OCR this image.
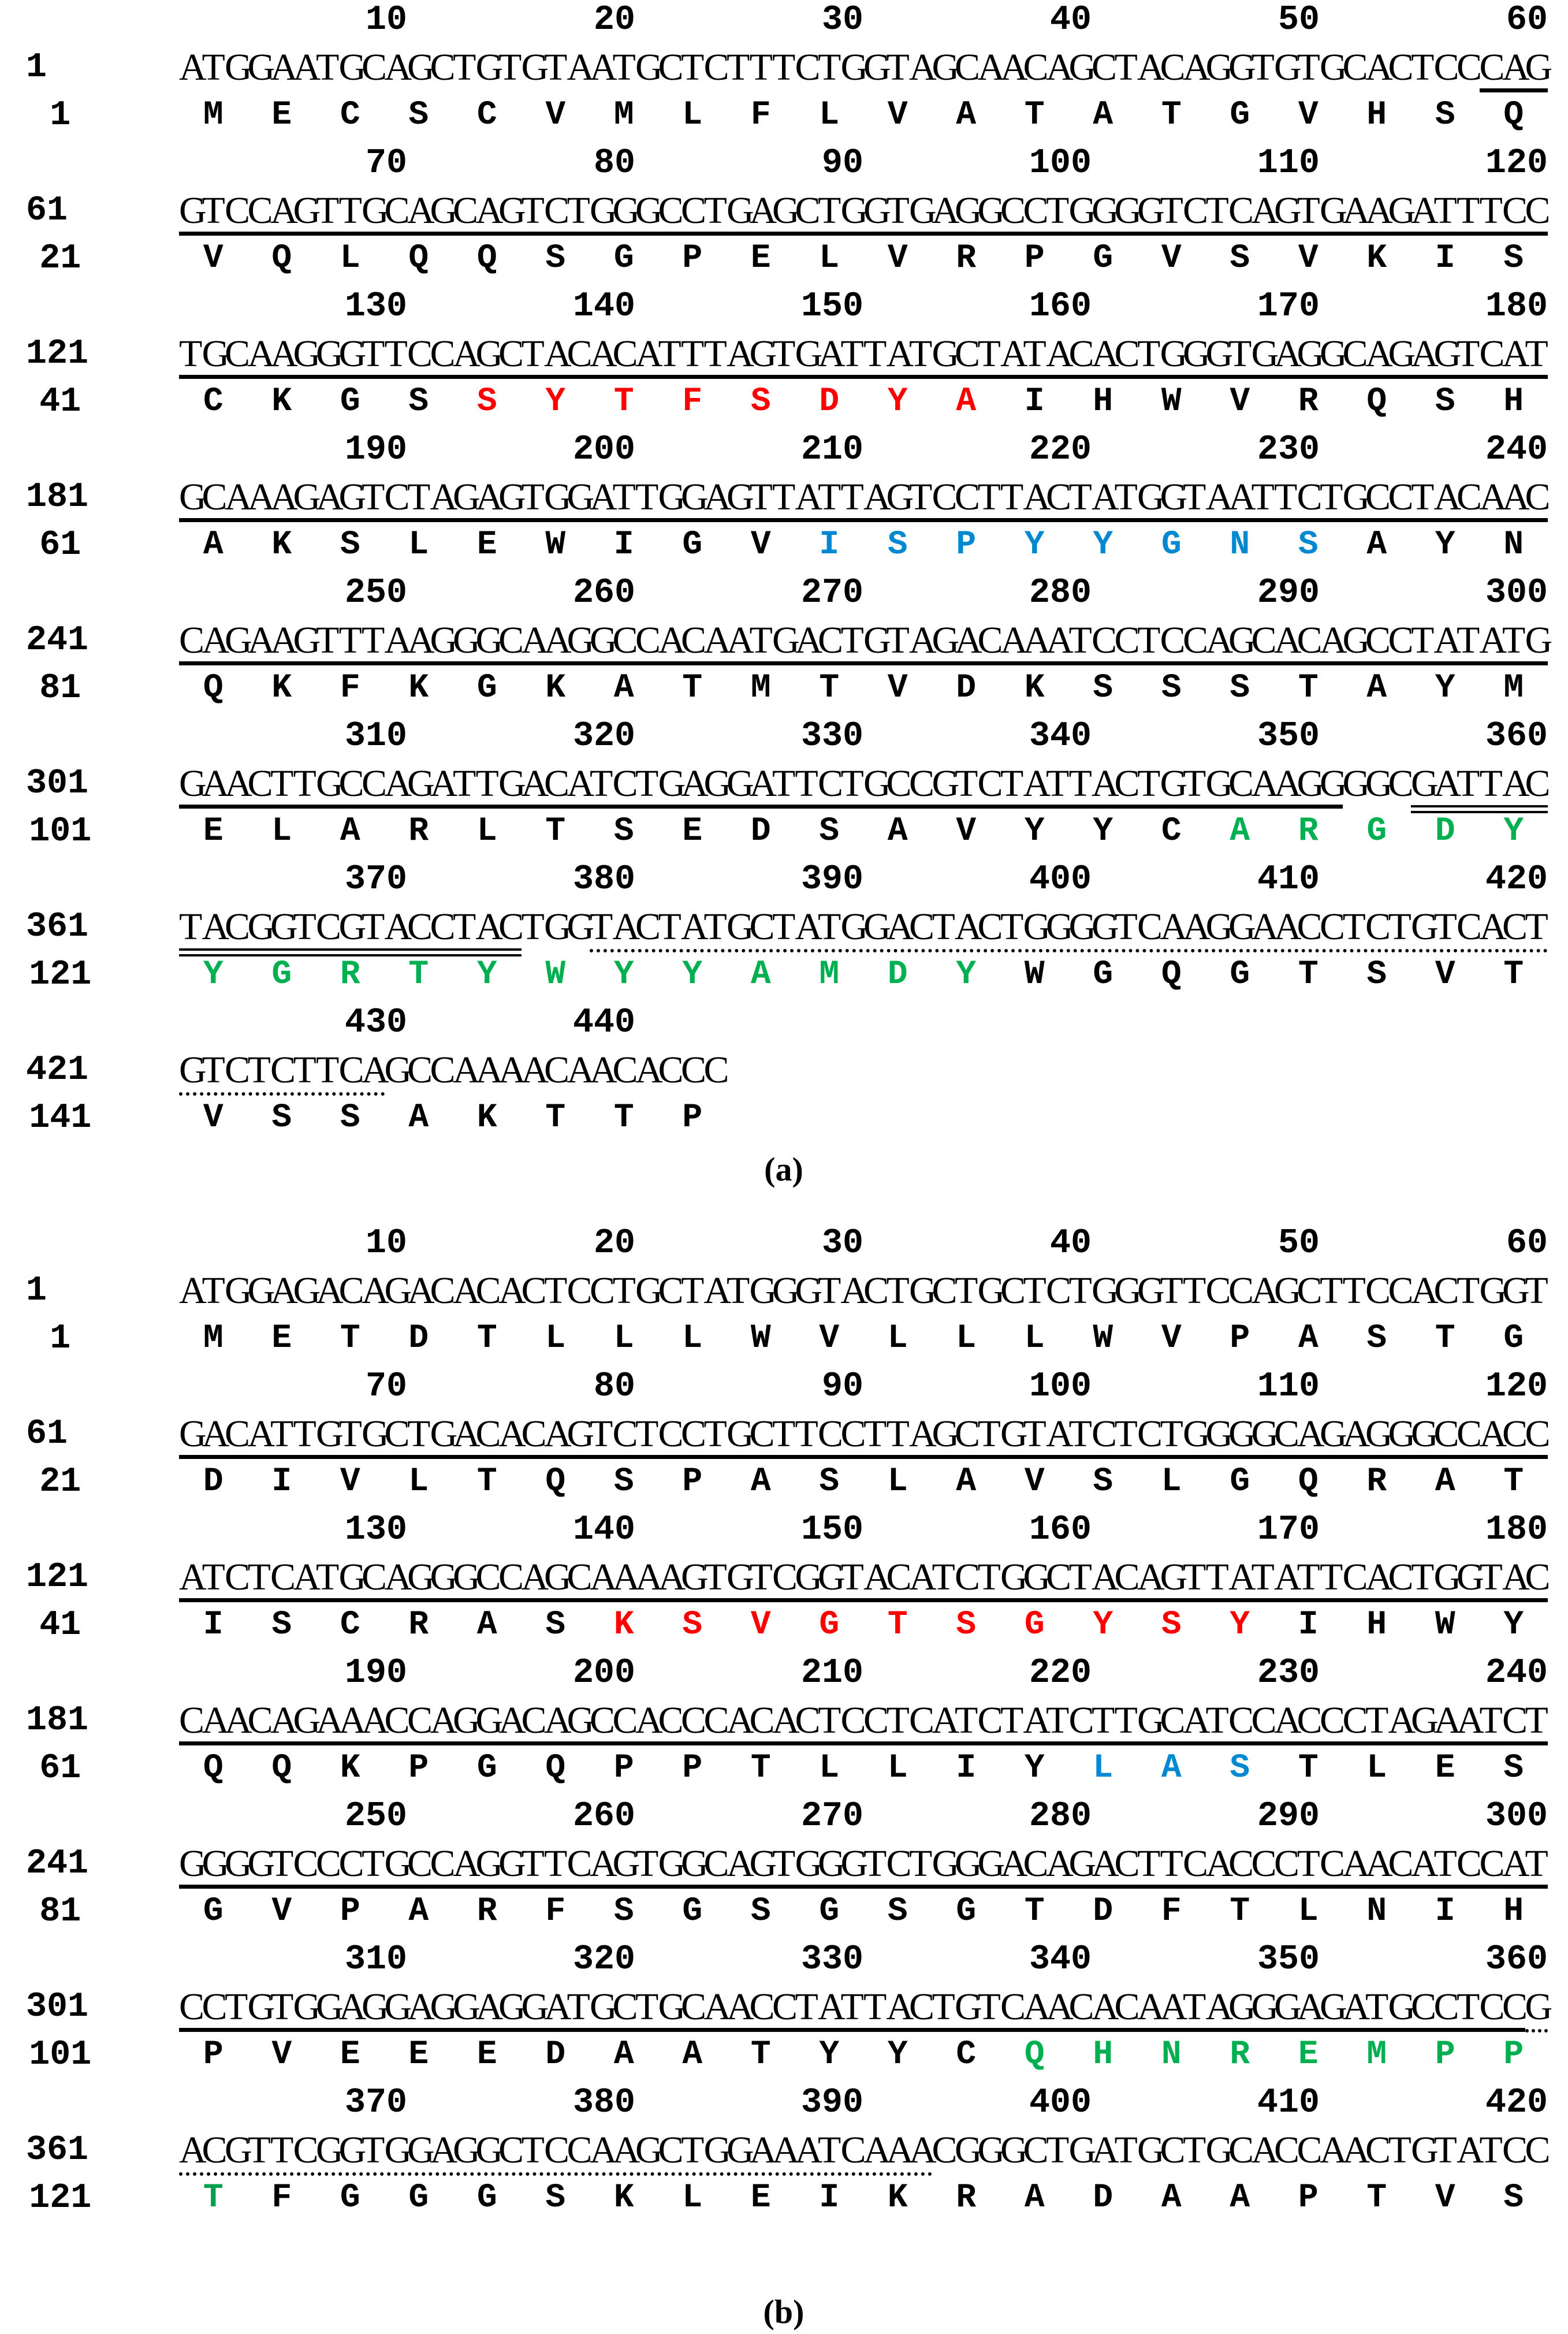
10	20	30	40	50	60
1
1
ATGGAATGCAGCTGTGTAATGCTCTTTCTGGTAGCAACAGCTACAGGTGTGCACTCCCAG
M E C S C V M L F L V A T A T G V H S Q
70	80	90	100	110	120
61
21
GTCCAGTTGCAGCAGTCTGGGCCTGAGCTGGTGAGGCCTGGGGTCTCAGTGAAGATTTCC
V Q L Q Q S G P E L V R P G V S V K I S
130	140	150	160	170	180
121
41
TGCAAGGGTTCCAGCTACACATTTAGTGATTATGCTATACACTGGGTGAGGCAGAGTCAT
C K G S S Y T F S D Y A I H W V R Q S H
190	200	210	220	230	240
181
61
GCAAAGAGTCTAGAGTGGATTGGAGTTATTAGTCCTTACTATGGTAATTCTGCCTACAAC
A K S L E W I G V I S P Y Y G N S A Y N
250	260	270	280	290	300
241
81
CAGAAGTTTAAGGGCAAGGCCACAATGACTGTAGACAAATCCTCCAGCACAGCCTATATG
Q K F K G K A T M T V D K S S S T A Y M
310	320	330	340	350	360
301
101
GAACTTGCCAGATTGACATCTGAGGATTCTGCCGTCTATTACTGTGCAAGGGGCGATTAC
E L A R L T S E D S A V Y Y C A R G D Y
370	380	390	400	410	420
361
121
TACGGTCGTACCTACTGGTACTATGCTATGGACTACTGGGGTCAAGGAACCTCTGTCACT
Y G R T Y W Y Y A M D Y W G Q G T S V T
430	440
421
141
GTCTCTTCAGCCAAAACAACACCC
V S S A K T T P
(a)
10	20	30	40	50	60
1
1
ATGGAGACAGACACACTCCTGCTATGGGTACTGCTGCTCTGGGTTCCAGCTTCCACTGGT
M E T D T L L L W V L L L W V P A S T G
70	80	90	100	110	120
61
21
GACATTGTGCTGACACAGTCTCCTGCTTCCTTAGCTGTATCTCTGGGGCAGAGGGCCACC
D I V L T Q S P A S L A V S L G Q R A T
130	140	150	160	170	180
121
41
ATCTCATGCAGGGCCAGCAAAAGTGTCGGTACATCTGGCTACAGTTATATTCACTGGTAC
I S C R A S K S V G T S G Y S Y I H W Y
190	200	210	220	230	240
181
61
CAACAGAAACCAGGACAGCCACCCACACTCCTCATCTATCTTGCATCCACCCTAGAATCT
Q Q K P G Q P P T L L I Y L A S T L E S
250	260	270	280	290	300
241
81
GGGGTCCCTGCCAGGTTCAGTGGCAGTGGGTCTGGGACAGACTTCACCCTCAACATCCAT
G V P A R F S G S G S G T D F T L N I H
310	320	330	340	350	360
301
101
CCTGTGGAGGAGGAGGATGCTGCAACCTATTACTGTCAACACAATAGGGAGATGCCTCCG
P V E E E D A A T Y Y C Q H N R E M P P
370	380	390	400	410	420
361
121
ACGTTCGGTGGAGGCTCCAAGCTGGAAATCAAACGGGCTGATGCTGCACCAACTGTATCC
T F G G G S K L E I K R A D A A P T V S
(b)
